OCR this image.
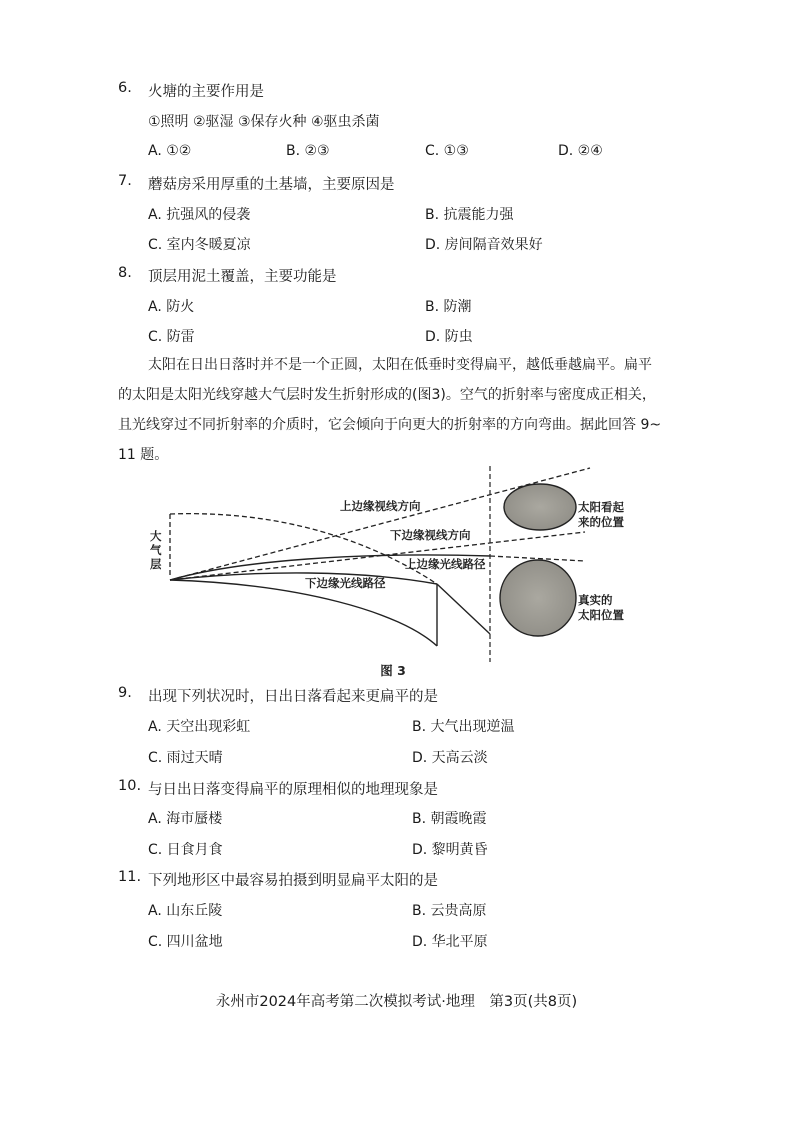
6. 火塘的主要作用是
①照明 ②驱湿 ③保存火种 ④驱虫杀菌
A. ①②	B. ②③	C. ①③	D. ②④
7. 蘑菇房采用厚重的土基墙，主要原因是
A. 抗强风的侵袭	B. 抗震能力强
C. 室内冬暖夏凉	D. 房间隔音效果好
8. 顶层用泥土覆盖，主要功能是
A. 防火	B. 防潮
C. 防雷	D. 防虫
太阳在日出日落时并不是一个正圆，太阳在低垂时变得扁平，越低垂越扁平。扁平
的太阳是太阳光线穿越大气层时发生折射形成的(图3)。空气的折射率与密度成正相关，
且光线穿过不同折射率的介质时，它会倾向于向更大的折射率的方向弯曲。据此回答 9~
11 题。
大
气
层
上边缘视线方向
下边缘视线方向
上边缘光线路径
下边缘光线路径
太阳看起
来的位置
真实的
太阳位置
图 3
9. 出现下列状况时，日出日落看起来更扁平的是
A. 天空出现彩虹	B. 大气出现逆温
C. 雨过天晴	D. 天高云淡
10. 与日出日落变得扁平的原理相似的地理现象是
A. 海市蜃楼	B. 朝霞晚霞
C. 日食月食	D. 黎明黄昏
11. 下列地形区中最容易拍摄到明显扁平太阳的是
A. 山东丘陵	B. 云贵高原
C. 四川盆地	D. 华北平原
永州市2024年高考第二次模拟考试·地理　第3页(共8页)
